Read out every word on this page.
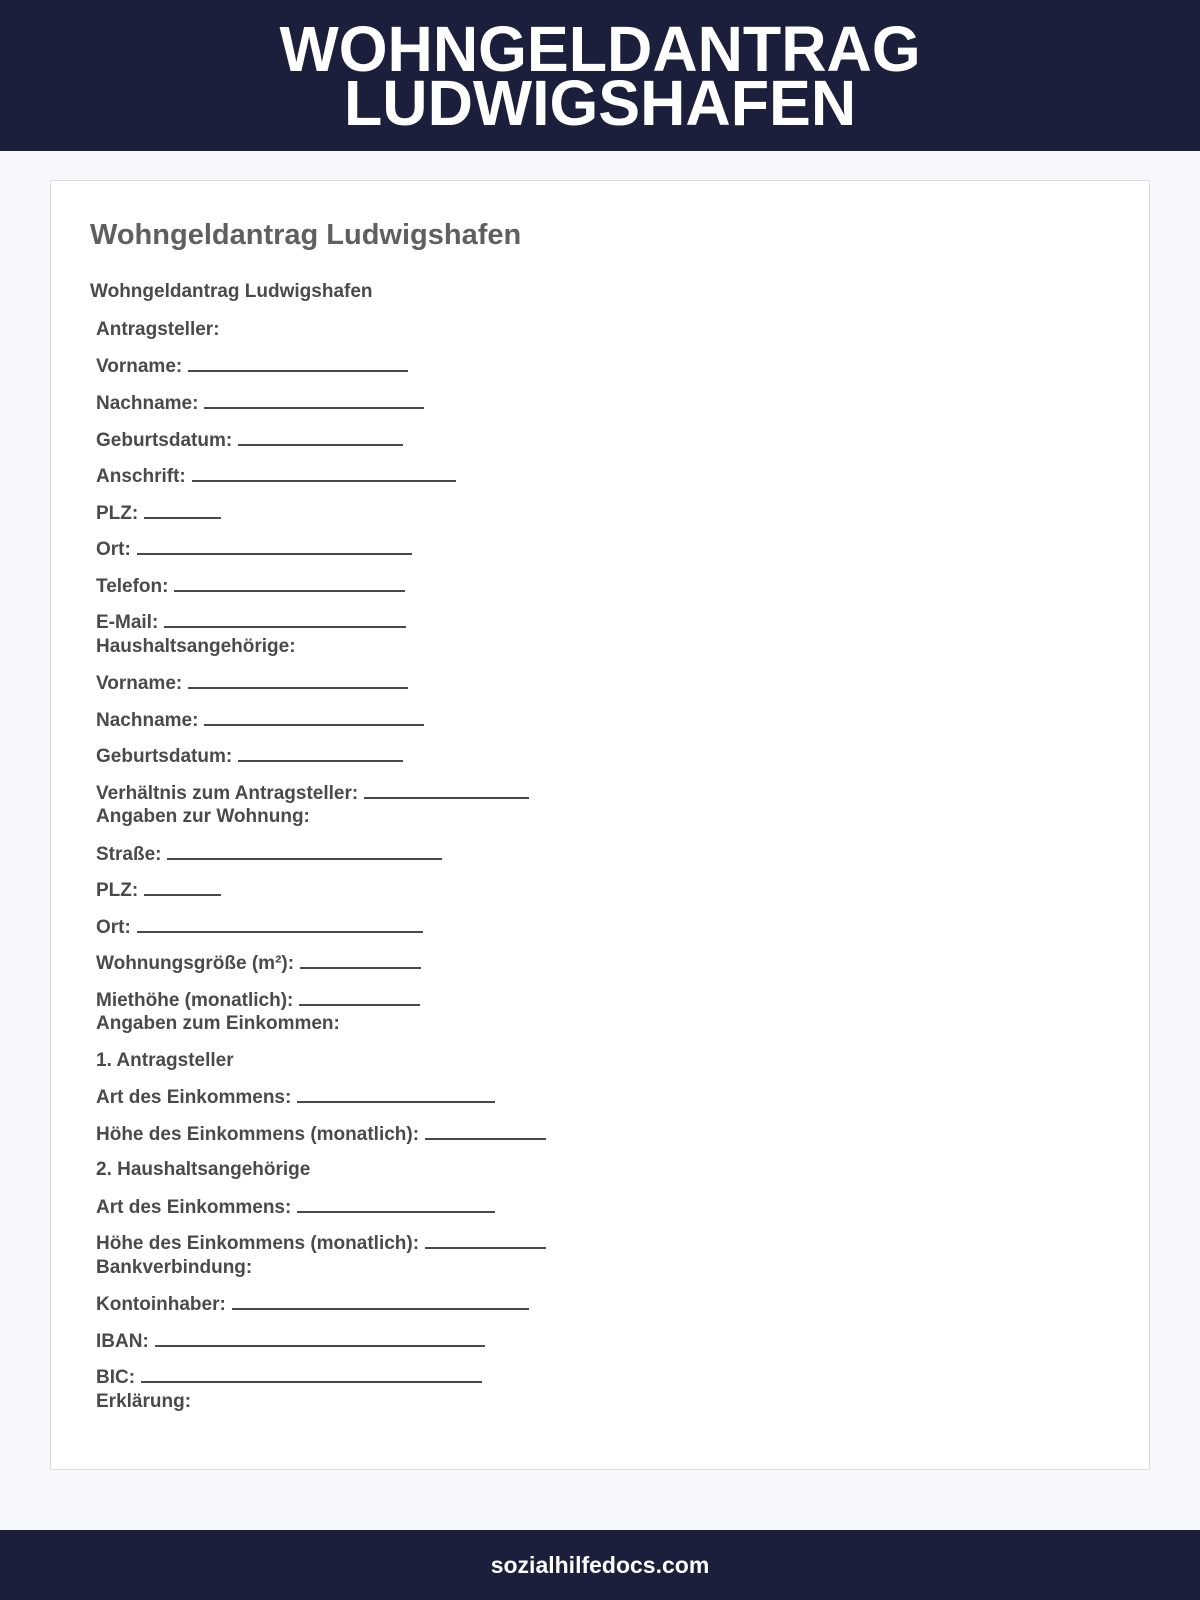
WOHNGELDANTRAG
LUDWIGSHAFEN
Wohngeldantrag Ludwigshafen
Wohngeldantrag Ludwigshafen
Antragsteller:
Vorname:
Nachname:
Geburtsdatum:
Anschrift:
PLZ:
Ort:
Telefon:
E-Mail:
Haushaltsangehörige:
Vorname:
Nachname:
Geburtsdatum:
Verhältnis zum Antragsteller:
Angaben zur Wohnung:
Straße:
PLZ:
Ort:
Wohnungsgröße (m²):
Miethöhe (monatlich):
Angaben zum Einkommen:
1. Antragsteller
Art des Einkommens:
Höhe des Einkommens (monatlich):
2. Haushaltsangehörige
Art des Einkommens:
Höhe des Einkommens (monatlich):
Bankverbindung:
Kontoinhaber:
IBAN:
BIC:
Erklärung:
sozialhilfedocs.com
